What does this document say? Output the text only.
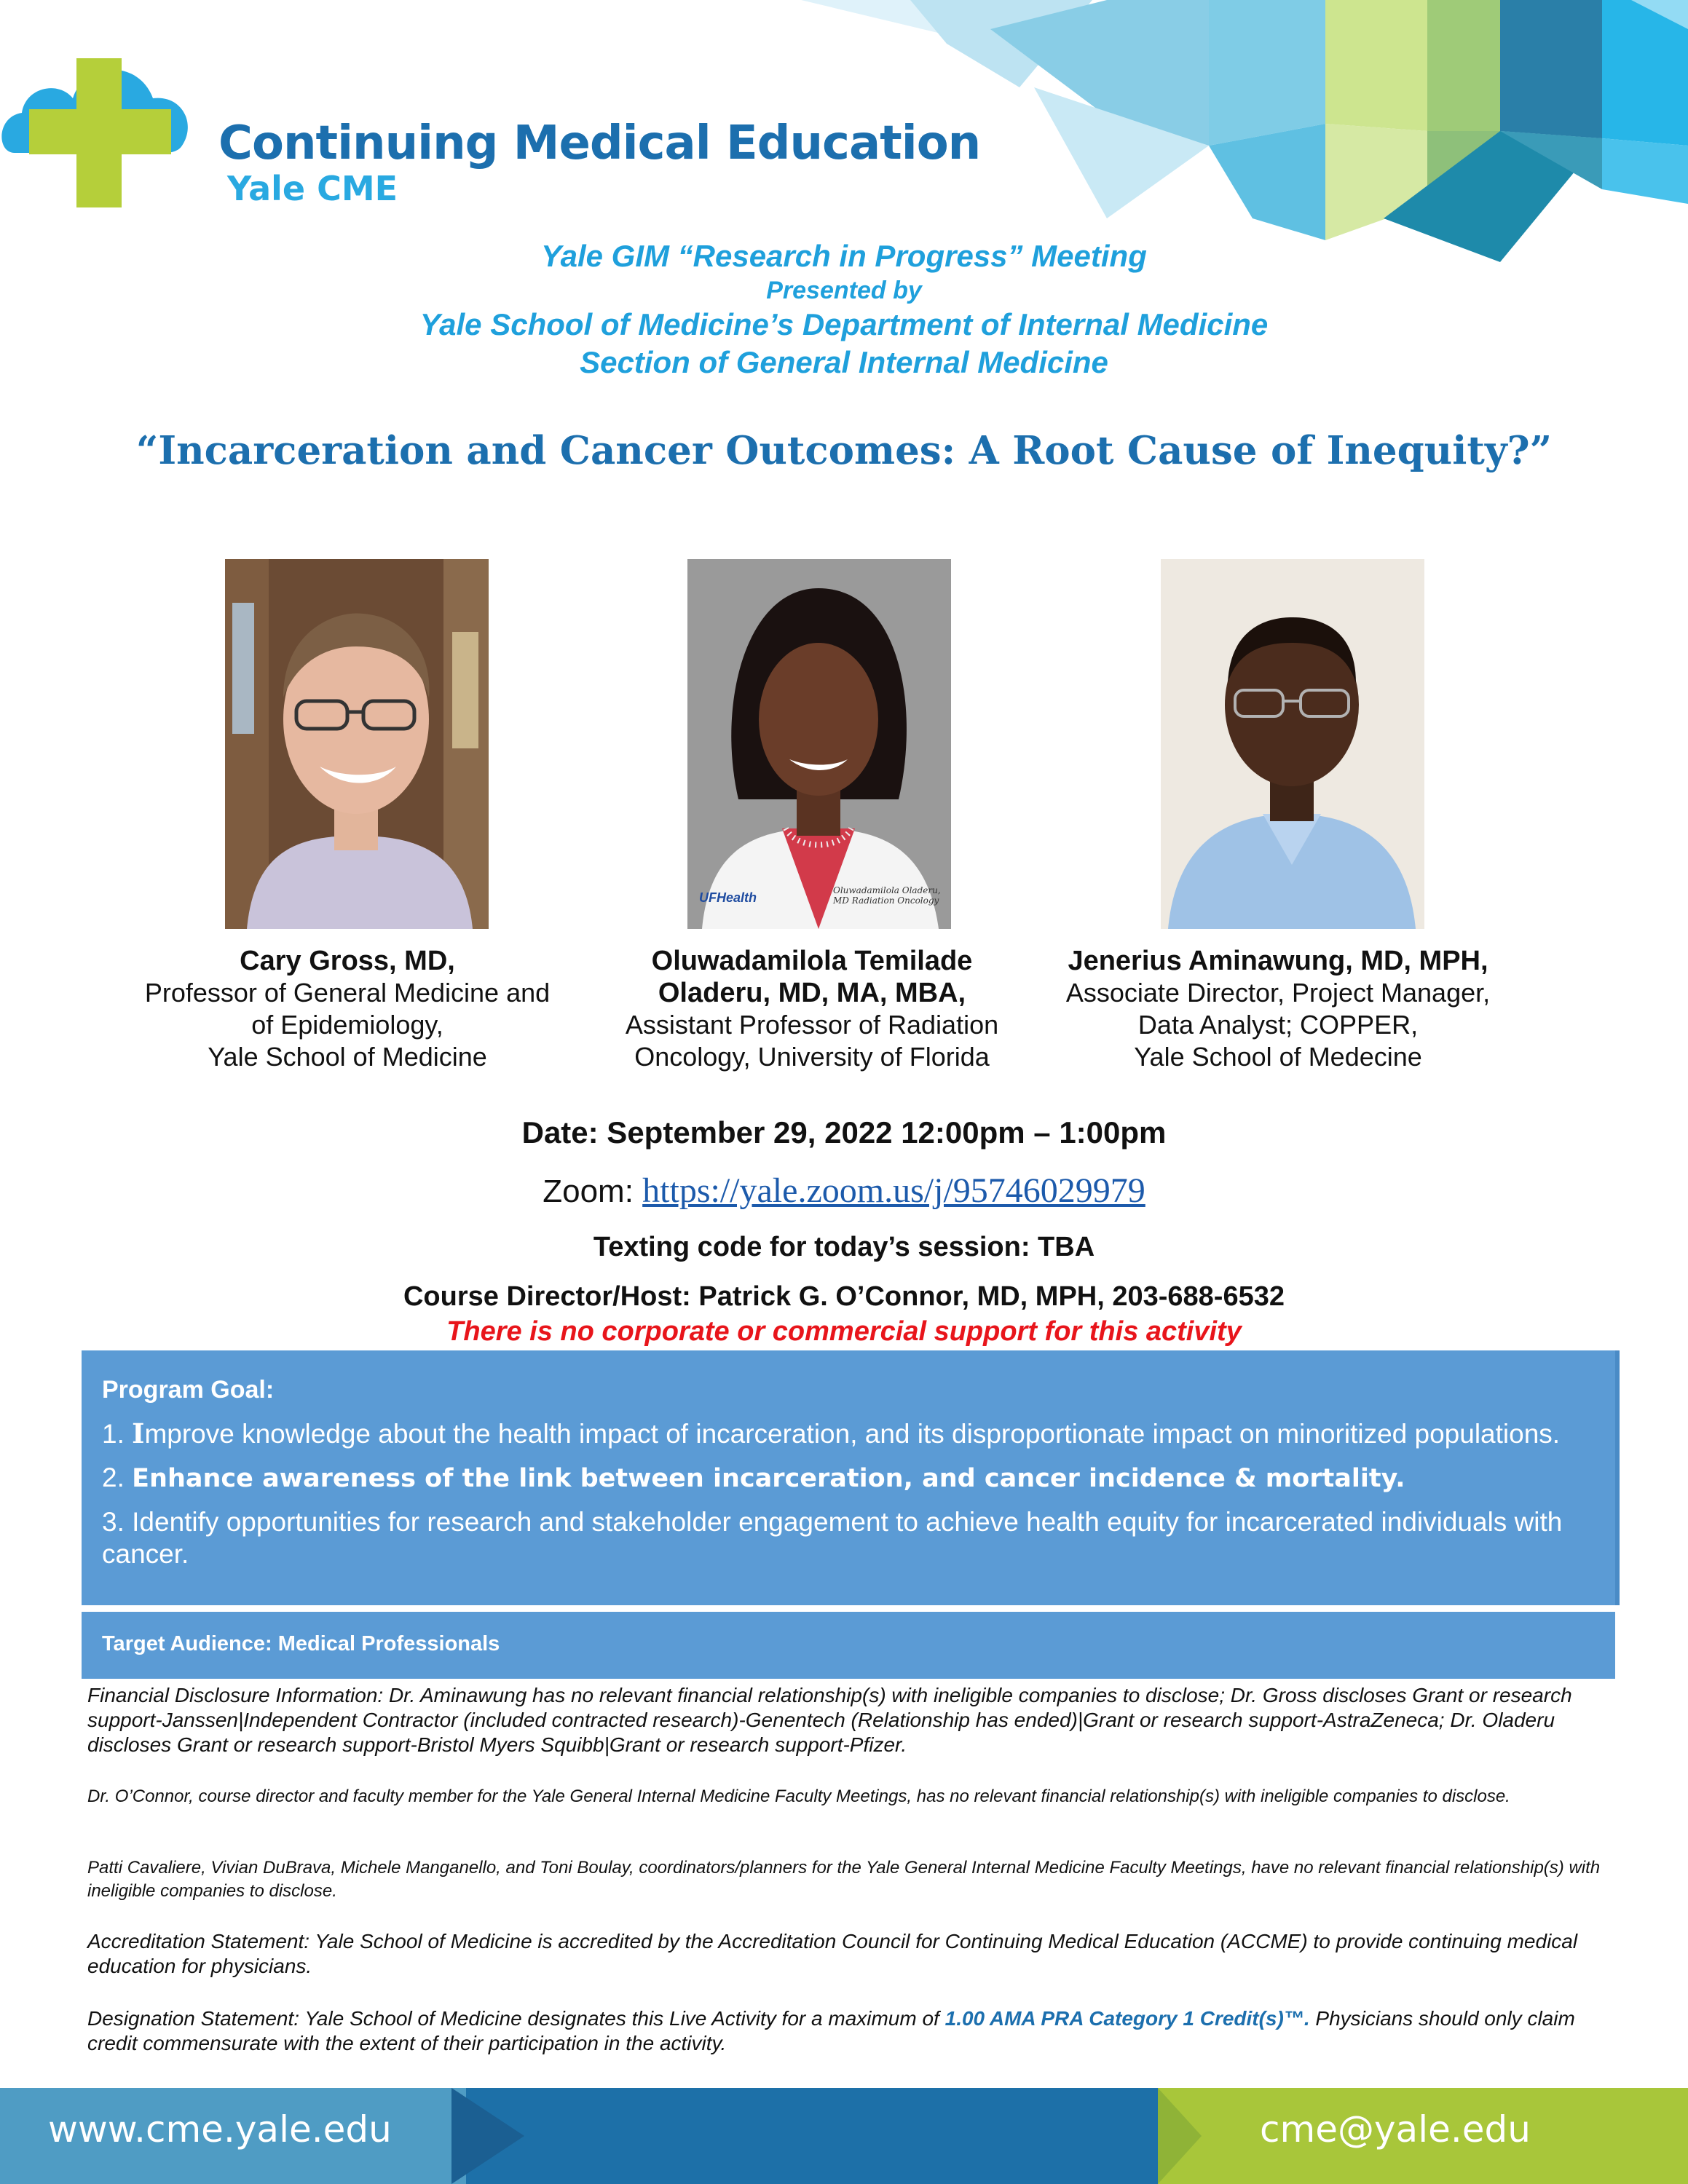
Continuing Medical Education
Yale CME
Yale GIM “Research in Progress” Meeting
Presented by
Yale School of Medicine’s Department of Internal Medicine
Section of General Internal Medicine
“Incarceration and Cancer Outcomes: A Root Cause of Inequity?”
UFHealth	Oluwadamilola Oladeru, MD Radiation Oncology
Cary Gross, MD,
Professor of General Medicine and
of Epidemiology,
Yale School of Medicine
Oluwadamilola Temilade
Oladeru, MD, MA, MBA,
Assistant Professor of Radiation
Oncology, University of Florida
Jenerius Aminawung, MD, MPH,
Associate Director, Project Manager,
Data Analyst; COPPER,
Yale School of Medecine
Date: September 29, 2022 12:00pm – 1:00pm
Zoom: https://yale.zoom.us/j/95746029979
Texting code for today’s session: TBA
Course Director/Host: Patrick G. O’Connor, MD, MPH, 203-688-6532
There is no corporate or commercial support for this activity
Program Goal:
1. Improve knowledge about the health impact of incarceration, and its disproportionate impact on minoritized populations.
2. Enhance awareness of the link between incarceration, and cancer incidence & mortality.
3. Identify opportunities for research and stakeholder engagement to achieve health equity for incarcerated individuals with cancer.
Target Audience: Medical Professionals
Financial Disclosure Information: Dr. Aminawung has no relevant financial relationship(s) with ineligible companies to disclose; Dr. Gross discloses Grant or research support-Janssen|Independent Contractor (included contracted research)-Genentech (Relationship has ended)|Grant or research support-AstraZeneca; Dr. Oladeru discloses Grant or research support-Bristol Myers Squibb|Grant or research support-Pfizer.
Dr. O’Connor, course director and faculty member for the Yale General Internal Medicine Faculty Meetings, has no relevant financial relationship(s) with ineligible companies to disclose.
Patti Cavaliere, Vivian DuBrava, Michele Manganello, and Toni Boulay, coordinators/planners for the Yale General Internal Medicine Faculty Meetings, have no relevant financial relationship(s) with ineligible companies to disclose.
Accreditation Statement: Yale School of Medicine is accredited by the Accreditation Council for Continuing Medical Education (ACCME) to provide continuing medical education for physicians.
Designation Statement: Yale School of Medicine designates this Live Activity for a maximum of 1.00 AMA PRA Category 1 Credit(s)™. Physicians should only claim credit commensurate with the extent of their participation in the activity.
www.cme.yale.edu	cme@yale.edu
